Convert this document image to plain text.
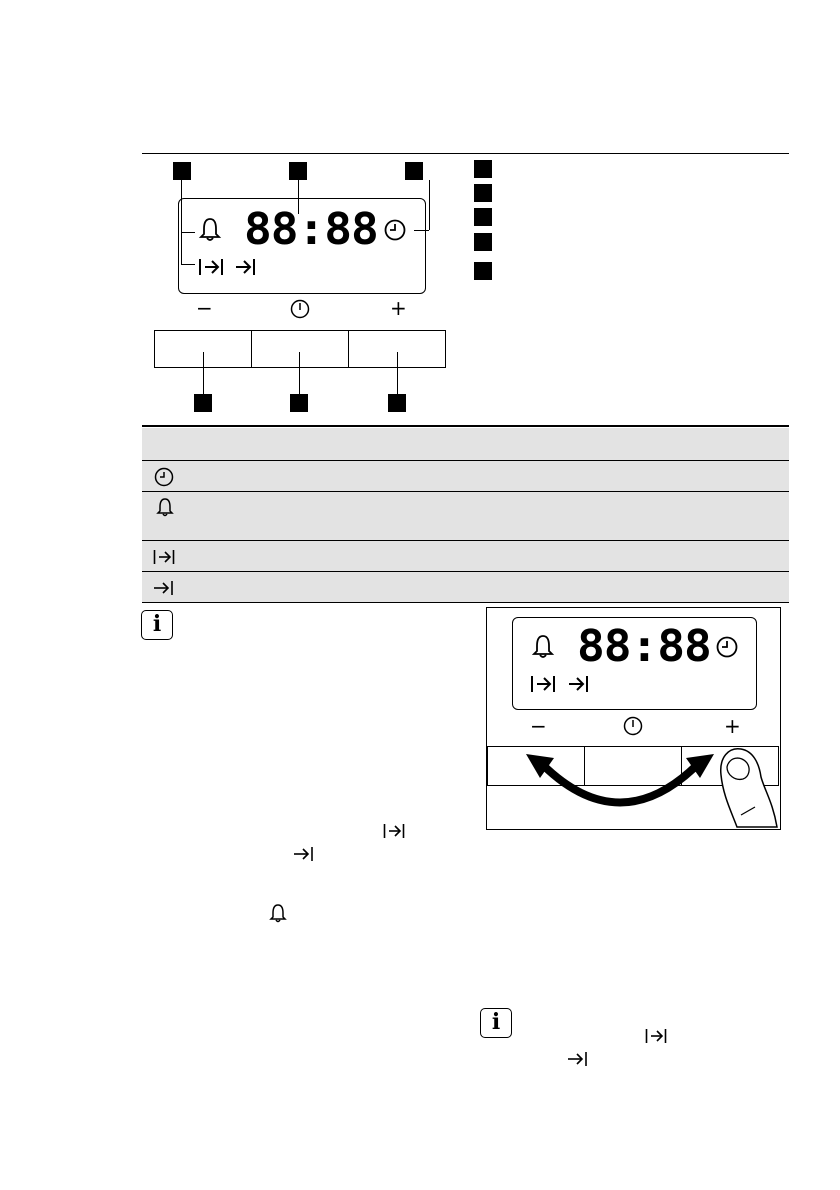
88:88
−	+
i	88:88
−	+
i
